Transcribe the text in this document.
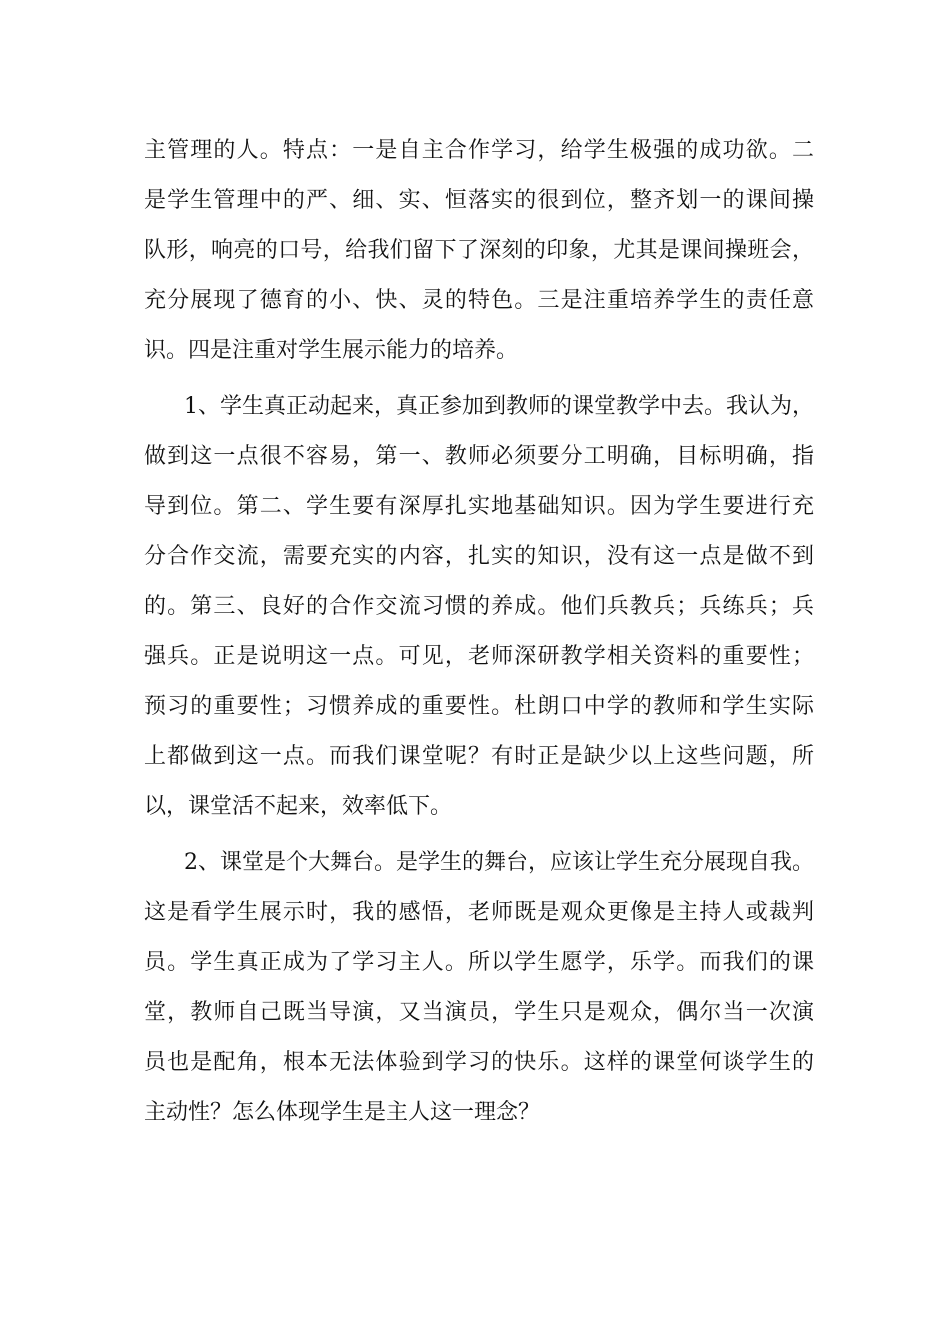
主管理的人。特点：一是自主合作学习，给学生极强的成功欲。二
是学生管理中的严、细、实、恒落实的很到位，整齐划一的课间操
队形，响亮的口号，给我们留下了深刻的印象，尤其是课间操班会，
充分展现了德育的小、快、灵的特色。三是注重培养学生的责任意
识。四是注重对学生展示能力的培养。
1、学生真正动起来，真正参加到教师的课堂教学中去。我认为，
做到这一点很不容易，第一、教师必须要分工明确，目标明确，指
导到位。第二、学生要有深厚扎实地基础知识。因为学生要进行充
分合作交流，需要充实的内容，扎实的知识，没有这一点是做不到
的。第三、良好的合作交流习惯的养成。他们兵教兵；兵练兵；兵
强兵。正是说明这一点。可见，老师深研教学相关资料的重要性；
预习的重要性；习惯养成的重要性。杜朗口中学的教师和学生实际
上都做到这一点。而我们课堂呢？有时正是缺少以上这些问题，所
以，课堂活不起来，效率低下。
2、课堂是个大舞台。是学生的舞台，应该让学生充分展现自我。
这是看学生展示时，我的感悟，老师既是观众更像是主持人或裁判
员。学生真正成为了学习主人。所以学生愿学，乐学。而我们的课
堂，教师自己既当导演，又当演员，学生只是观众，偶尔当一次演
员也是配角，根本无法体验到学习的快乐。这样的课堂何谈学生的
主动性？怎么体现学生是主人这一理念？
